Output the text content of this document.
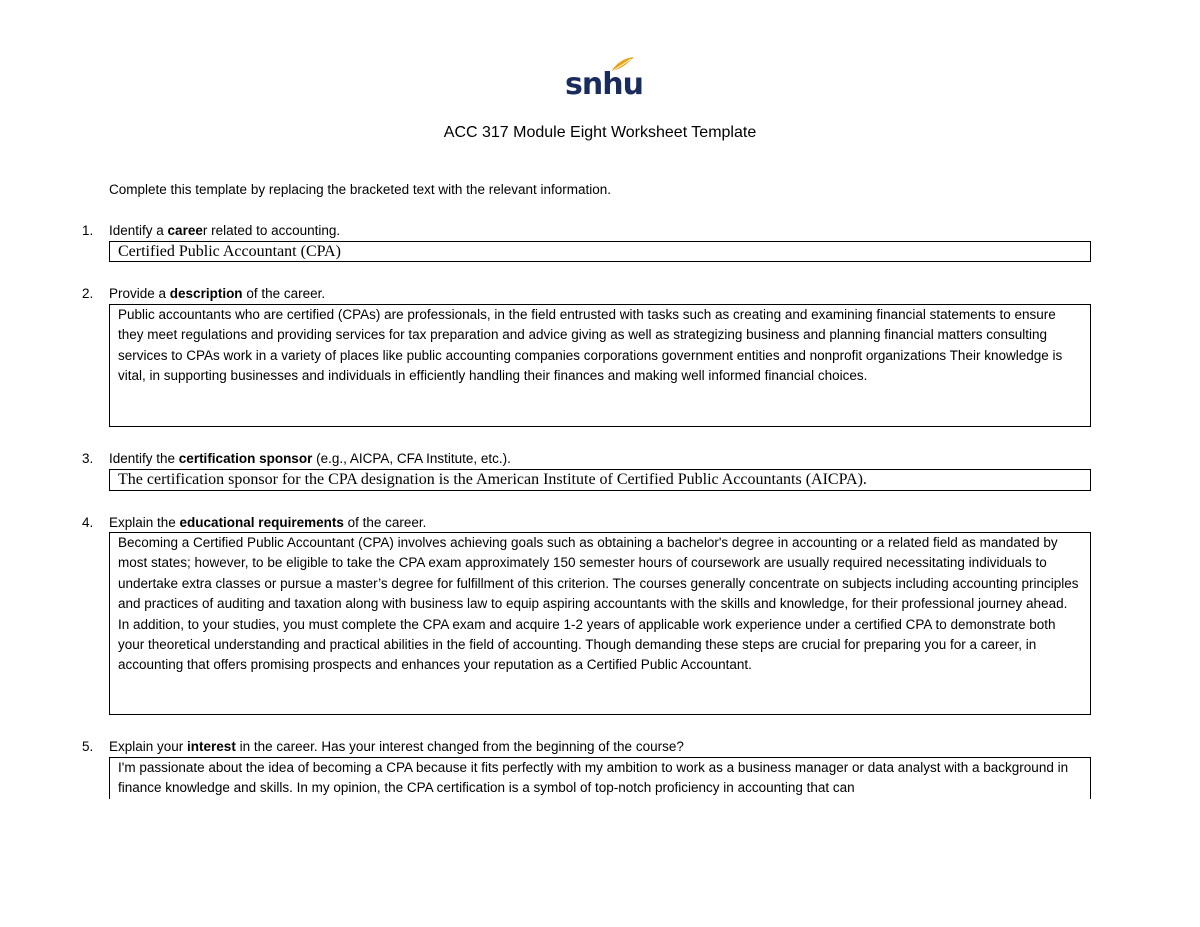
snhu
ACC 317 Module Eight Worksheet Template
Complete this template by replacing the bracketed text with the relevant information.
1. Identify a career related to accounting.

Certified Public Accountant (CPA)

2. Provide a description of the career.

Public accountants who are certified (CPAs) are professionals, in the field entrusted with tasks such as creating and examining financial statements to ensure they meet regulations and providing services for tax preparation and advice giving as well as strategizing business and planning financial matters consulting services to CPAs work in a variety of places like public accounting companies corporations government entities and nonprofit organizations Their knowledge is vital, in supporting businesses and individuals in efficiently handling their finances and making well informed financial choices.

3. Identify the certification sponsor (e.g., AICPA, CFA Institute, etc.).

The certification sponsor for the CPA designation is the American Institute of Certified Public Accountants (AICPA).

4. Explain the educational requirements of the career.

Becoming a Certified Public Accountant (CPA) involves achieving goals such as obtaining a bachelor's degree in accounting or a related field as mandated by most states; however, to be eligible to take the CPA exam approximately 150 semester hours of coursework are usually required necessitating individuals to undertake extra classes or pursue a master’s degree for fulfillment of this criterion. The courses generally concentrate on subjects including accounting principles and practices of auditing and taxation along with business law to equip aspiring accountants with the skills and knowledge, for their professional journey ahead. In addition, to your studies, you must complete the CPA exam and acquire 1-2 years of applicable work experience under a certified CPA to demonstrate both your theoretical understanding and practical abilities in the field of accounting. Though demanding these steps are crucial for preparing you for a career, in accounting that offers promising prospects and enhances your reputation as a Certified Public Accountant.

5. Explain your interest in the career. Has your interest changed from the beginning of the course?

I'm passionate about the idea of becoming a CPA because it fits perfectly with my ambition to work as a business manager or data analyst with a background in finance knowledge and skills. In my opinion, the CPA certification is a symbol of top-notch proficiency in accounting that can
